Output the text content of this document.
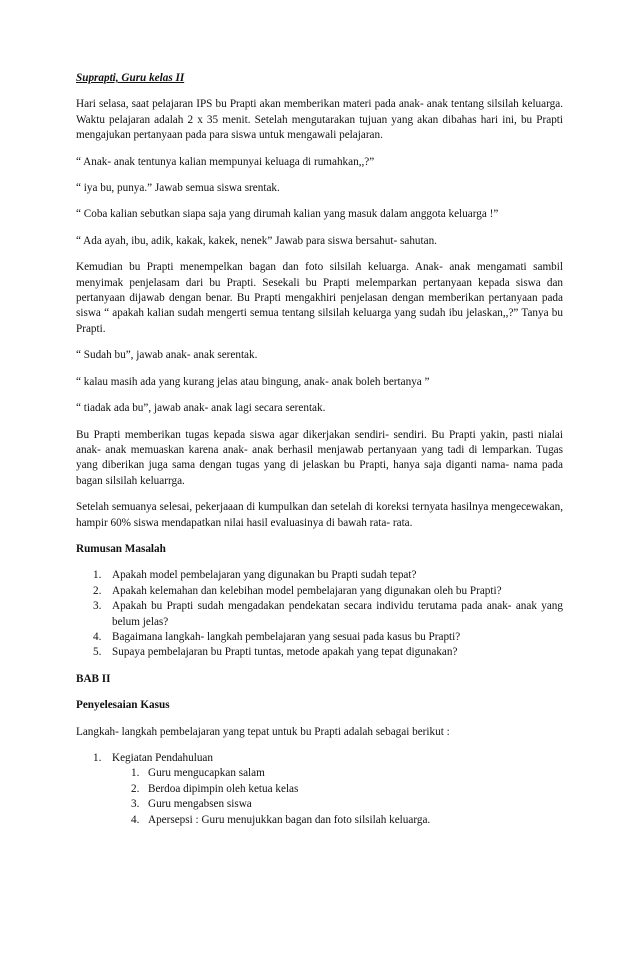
Suprapti, Guru kelas II

Hari selasa, saat pelajaran IPS bu Prapti akan memberikan materi pada anak- anak tentang silsilah keluarga. Waktu pelajaran adalah 2 x 35 menit. Setelah mengutarakan tujuan yang akan dibahas hari ini, bu Prapti mengajukan pertanyaan pada para siswa untuk mengawali pelajaran.

“ Anak- anak tentunya kalian mempunyai keluaga di rumahkan,,?”

“ iya bu, punya.” Jawab semua siswa srentak.

“ Coba kalian sebutkan siapa saja yang dirumah kalian yang masuk dalam anggota keluarga !”

“ Ada ayah, ibu, adik, kakak, kakek, nenek” Jawab para siswa bersahut- sahutan.

Kemudian bu Prapti menempelkan bagan dan foto silsilah keluarga. Anak- anak mengamati sambil menyimak penjelasam dari bu Prapti. Sesekali bu Prapti melemparkan pertanyaan kepada siswa dan pertanyaan dijawab dengan benar. Bu Prapti mengakhiri penjelasan dengan memberikan pertanyaan pada siswa “ apakah kalian sudah mengerti semua tentang silsilah keluarga yang sudah ibu jelaskan,,?” Tanya bu Prapti.

“ Sudah bu”, jawab anak- anak serentak.

“ kalau masih ada yang kurang jelas atau bingung, anak- anak boleh bertanya ”

“ tiadak ada bu”, jawab anak- anak lagi secara serentak.

Bu Prapti memberikan tugas kepada siswa agar dikerjakan sendiri- sendiri. Bu Prapti yakin, pasti nialai anak- anak memuaskan karena anak- anak berhasil menjawab pertanyaan yang tadi di lemparkan. Tugas yang diberikan juga sama dengan tugas yang di jelaskan bu Prapti, hanya saja diganti nama- nama pada bagan silsilah keluarrga.

Setelah semuanya selesai, pekerjaaan di kumpulkan dan setelah di koreksi ternyata hasilnya mengecewakan, hampir 60% siswa mendapatkan nilai hasil evaluasinya di bawah rata- rata.

Rumusan Masalah
1. Apakah model pembelajaran yang digunakan bu Prapti sudah tepat?
2. Apakah kelemahan dan kelebihan model pembelajaran yang digunakan oleh bu Prapti?
3. Apakah bu Prapti sudah mengadakan pendekatan secara individu terutama pada anak- anak yang belum jelas?
4. Bagaimana langkah- langkah pembelajaran yang sesuai pada kasus bu Prapti?
5. Supaya pembelajaran bu Prapti tuntas, metode apakah yang tepat digunakan?
BAB II
Penyelesaian Kasus

Langkah- langkah pembelajaran yang tepat untuk bu Prapti adalah sebagai berikut :

1. Kegiatan Pendahuluan
1. Guru mengucapkan salam
2. Berdoa dipimpin oleh ketua kelas
3. Guru mengabsen siswa
4. Apersepsi : Guru menujukkan bagan dan foto silsilah keluarga.
